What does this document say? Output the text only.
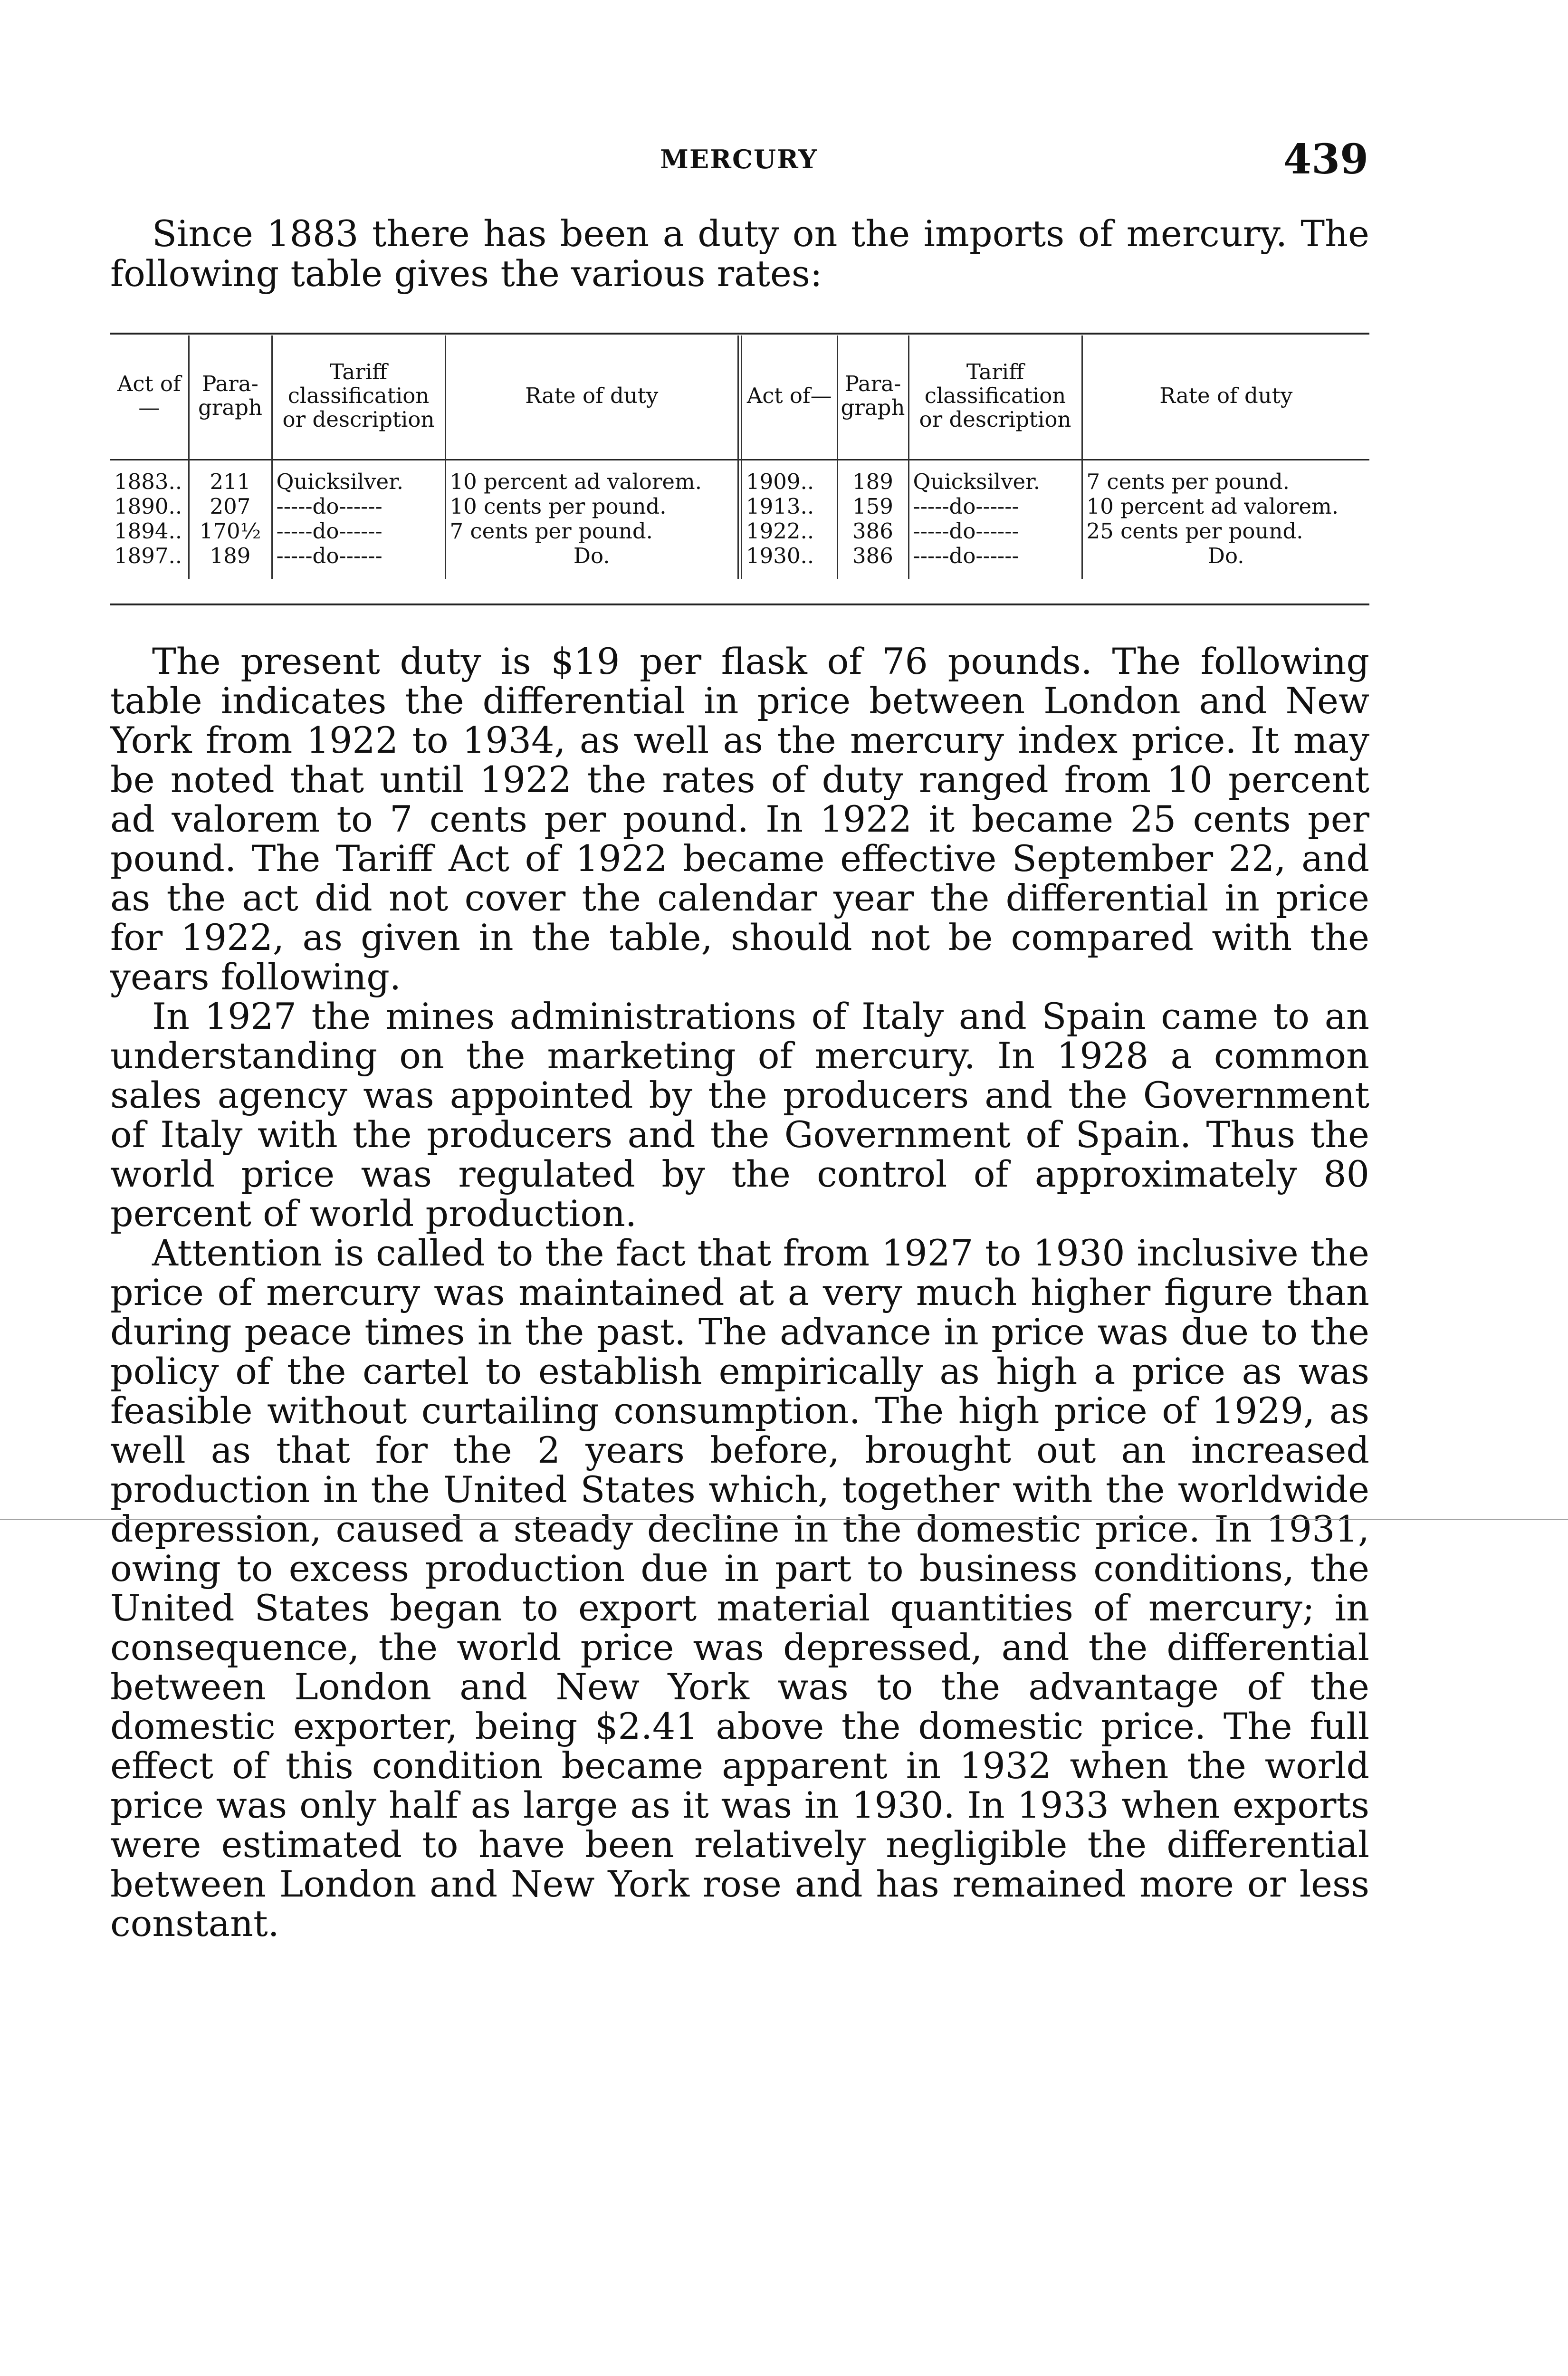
MERCURY	439
Since 1883 there has been a duty on the imports of mercury. The following table gives the various rates:
Act of—	Para-graph	Tariff classification or description	Rate of duty	Act of—	Para-graph	Tariff classification or description	Rate of duty
1883..	211	Quicksilver.	10 percent ad valorem.	1909..	189	Quicksilver.	7 cents per pound.
1890..	207	-----do------	10 cents per pound.	1913..	159	-----do------	10 percent ad valorem.
1894..	170½	-----do------	7 cents per pound.	1922..	386	-----do------	25 cents per pound.
1897..	189	-----do------	Do.	1930..	386	-----do------	Do.

The present duty is $19 per flask of 76 pounds. The following table indicates the differential in price between London and New York from 1922 to 1934, as well as the mercury index price. It may be noted that until 1922 the rates of duty ranged from 10 percent ad valorem to 7 cents per pound. In 1922 it became 25 cents per pound. The Tariff Act of 1922 became effective September 22, and as the act did not cover the calendar year the differential in price for 1922, as given in the table, should not be compared with the years following.

In 1927 the mines administrations of Italy and Spain came to an understanding on the marketing of mercury. In 1928 a common sales agency was appointed by the producers and the Government of Italy with the producers and the Government of Spain. Thus the world price was regulated by the control of approximately 80 percent of world production.

Attention is called to the fact that from 1927 to 1930 inclusive the price of mercury was maintained at a very much higher figure than during peace times in the past. The advance in price was due to the policy of the cartel to establish empirically as high a price as was feasible without curtailing consumption. The high price of 1929, as well as that for the 2 years before, brought out an increased production in the United States which, together with the worldwide depression, caused a steady decline in the domestic price. In 1931, owing to excess production due in part to business conditions, the United States began to export material quantities of mercury; in consequence, the world price was depressed, and the differential between London and New York was to the advantage of the domestic exporter, being $2.41 above the domestic price. The full effect of this condition became apparent in 1932 when the world price was only half as large as it was in 1930. In 1933 when exports were estimated to have been relatively negligible the differential between London and New York rose and has remained more or less constant.
